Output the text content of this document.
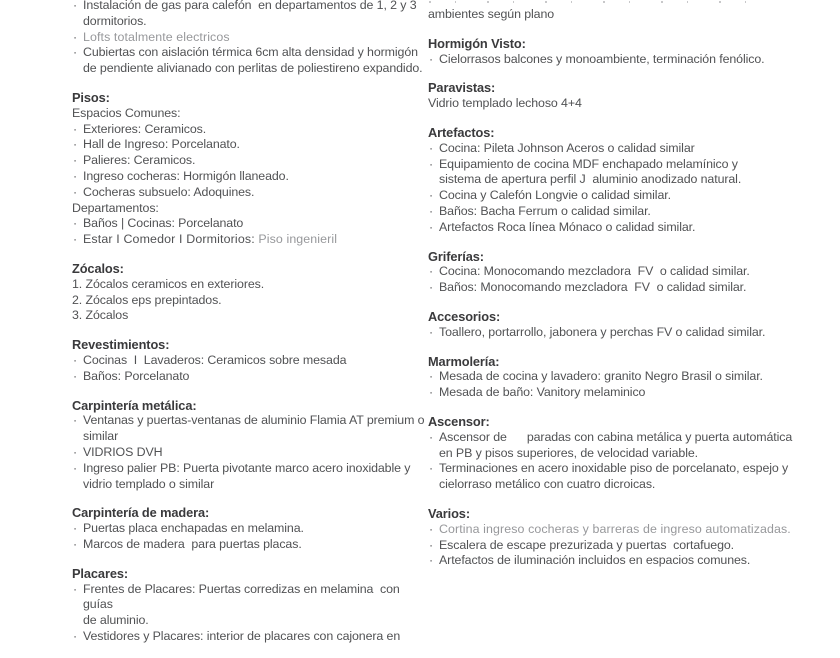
· Instalación de gas para calefón  en departamentos de 1, 2 y 3
dormitorios.
· Lofts totalmente electricos
· Cubiertas con aislación térmica 6cm alta densidad y hormigón
de pendiente alivianado con perlitas de poliestireno expandido.
Pisos:
Espacios Comunes:
· Exteriores: Ceramicos.
· Hall de Ingreso: Porcelanato.
· Palieres: Ceramicos.
· Ingreso cocheras: Hormigón llaneado.
· Cocheras subsuelo: Adoquines.
Departamentos:
· Baños | Cocinas: Porcelanato
· Estar I Comedor I Dormitorios: Piso ingenieril
Zócalos:
1. Zócalos ceramicos en exteriores.
2. Zócalos eps prepintados.
3. Zócalos
Revestimientos:
· Cocinas  I  Lavaderos: Ceramicos sobre mesada
· Baños: Porcelanato
Carpintería metálica:
· Ventanas y puertas-ventanas de aluminio Flamia AT premium o
similar
· VIDRIOS DVH
· Ingreso palier PB: Puerta pivotante marco acero inoxidable y
vidrio templado o similar
Carpintería de madera:
· Puertas placa enchapadas en melamina.
· Marcos de madera  para puertas placas.
Placares:
· Frentes de Placares: Puertas corredizas en melamina  con guías
de aluminio.
· Vestidores y Placares: interior de placares con cajonera en
ambientes según plano
Hormigón Visto:
· Cielorrasos balcones y monoambiente, terminación fenólico.
Paravistas:
Vidrio templado lechoso 4+4
Artefactos:
· Cocina: Pileta Johnson Aceros o calidad similar
· Equipamiento de cocina MDF enchapado melamínico y
sistema de apertura perfil J  aluminio anodizado natural.
· Cocina y Calefón Longvie o calidad similar.
· Baños: Bacha Ferrum o calidad similar.
· Artefactos Roca línea Mónaco o calidad similar.
Griferías:
· Cocina: Monocomando mezcladora  FV  o calidad similar.
· Baños: Monocomando mezcladora  FV  o calidad similar.
Accesorios:
· Toallero, portarrollo, jabonera y perchas FV o calidad similar.
Marmolería:
· Mesada de cocina y lavadero: granito Negro Brasil o similar.
· Mesada de baño: Vanitory melaminico
Ascensor:
· Ascensor de      paradas con cabina metálica y puerta automática
en PB y pisos superiores, de velocidad variable.
· Terminaciones en acero inoxidable piso de porcelanato, espejo y
cielorraso metálico con cuatro dicroicas.
Varios:
· Cortina ingreso cocheras y barreras de ingreso automatizadas.
· Escalera de escape prezurizada y puertas  cortafuego.
· Artefactos de iluminación incluidos en espacios comunes.
